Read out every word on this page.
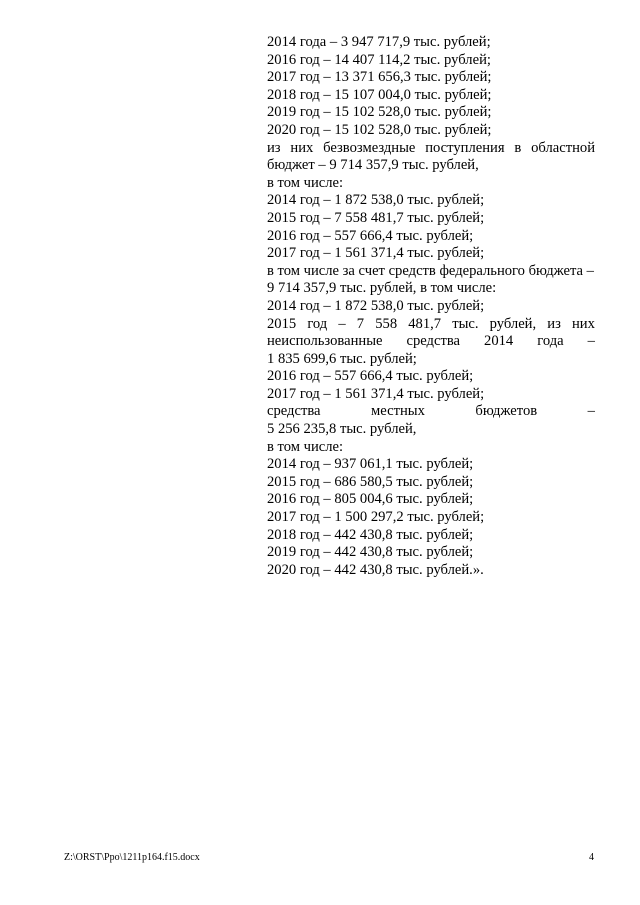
2014 года – 3 947 717,9 тыс. рублей;
2016 год – 14 407 114,2 тыс. рублей;
2017 год – 13 371 656,3 тыс. рублей;
2018 год – 15 107 004,0 тыс. рублей;
2019 год – 15 102 528,0 тыс. рублей;
2020 год – 15 102 528,0 тыс. рублей;
из них безвозмездные поступления в областной
бюджет – 9 714 357,9 тыс. рублей,
в том числе:
2014 год – 1 872 538,0 тыс. рублей;
2015 год – 7 558 481,7 тыс. рублей;
2016 год – 557 666,4 тыс. рублей;
2017 год – 1 561 371,4 тыс. рублей;
в том числе за счет средств федерального бюджета –
9 714 357,9 тыс. рублей, в том числе:
2014 год – 1 872 538,0 тыс. рублей;
2015 год – 7 558 481,7 тыс. рублей, из них
неиспользованные средства 2014 года –
1 835 699,6 тыс. рублей;
2016 год – 557 666,4 тыс. рублей;
2017 год – 1 561 371,4 тыс. рублей;
средства	местных	бюджетов	–
5 256 235,8 тыс. рублей,
в том числе:
2014 год – 937 061,1 тыс. рублей;
2015 год – 686 580,5 тыс. рублей;
2016 год – 805 004,6 тыс. рублей;
2017 год – 1 500 297,2 тыс. рублей;
2018 год – 442 430,8 тыс. рублей;
2019 год – 442 430,8 тыс. рублей;
2020 год – 442 430,8 тыс. рублей.».
Z:\ORST\Ppo\1211p164.f15.docx	4
